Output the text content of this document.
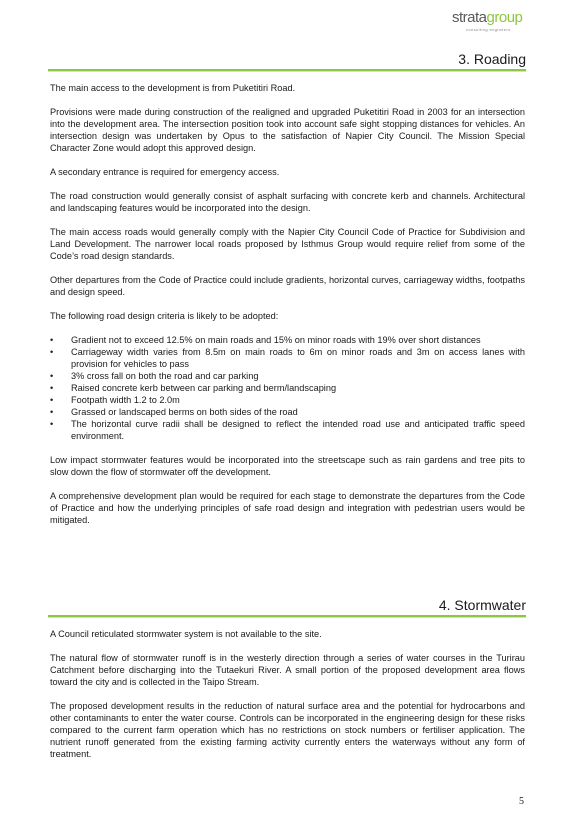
stratagroup
consulting engineers
3. Roading

The main access to the development is from Puketitiri Road.

Provisions were made during construction of the realigned and upgraded Puketitiri Road in 2003 for an intersection into the development area. The intersection position took into account safe sight stopping distances for vehicles. An intersection design was undertaken by Opus to the satisfaction of Napier City Council. The Mission Special Character Zone would adopt this approved design.

A secondary entrance is required for emergency access.

The road construction would generally consist of asphalt surfacing with concrete kerb and channels. Architectural and landscaping features would be incorporated into the design.

The main access roads would generally comply with the Napier City Council Code of Practice for Subdivision and Land Development. The narrower local roads proposed by Isthmus Group would require relief from some of the Code’s road design standards.

Other departures from the Code of Practice could include gradients, horizontal curves, carriageway widths, footpaths and design speed.

The following road design criteria is likely to be adopted:

• Gradient not to exceed 12.5% on main roads and 15% on minor roads with 19% over short distances
• Carriageway width varies from 8.5m on main roads to 6m on minor roads and 3m on access lanes with provision for vehicles to pass
• 3% cross fall on both the road and car parking
• Raised concrete kerb between car parking and berm/landscaping
• Footpath width 1.2 to 2.0m
• Grassed or landscaped berms on both sides of the road
• The horizontal curve radii shall be designed to reflect the intended road use and anticipated traffic speed environment.

Low impact stormwater features would be incorporated into the streetscape such as rain gardens and tree pits to slow down the flow of stormwater off the development.

A comprehensive development plan would be required for each stage to demonstrate the departures from the Code of Practice and how the underlying principles of safe road design and integration with pedestrian users would be mitigated.

4. Stormwater

A Council reticulated stormwater system is not available to the site.

The natural flow of stormwater runoff is in the westerly direction through a series of water courses in the Turirau Catchment before discharging into the Tutaekuri River. A small portion of the proposed development area flows toward the city and is collected in the Taipo Stream.

The proposed development results in the reduction of natural surface area and the potential for hydrocarbons and other contaminants to enter the water course. Controls can be incorporated in the engineering design for these risks compared to the current farm operation which has no restrictions on stock numbers or fertiliser application. The nutrient runoff generated from the existing farming activity currently enters the waterways without any form of treatment.

5
